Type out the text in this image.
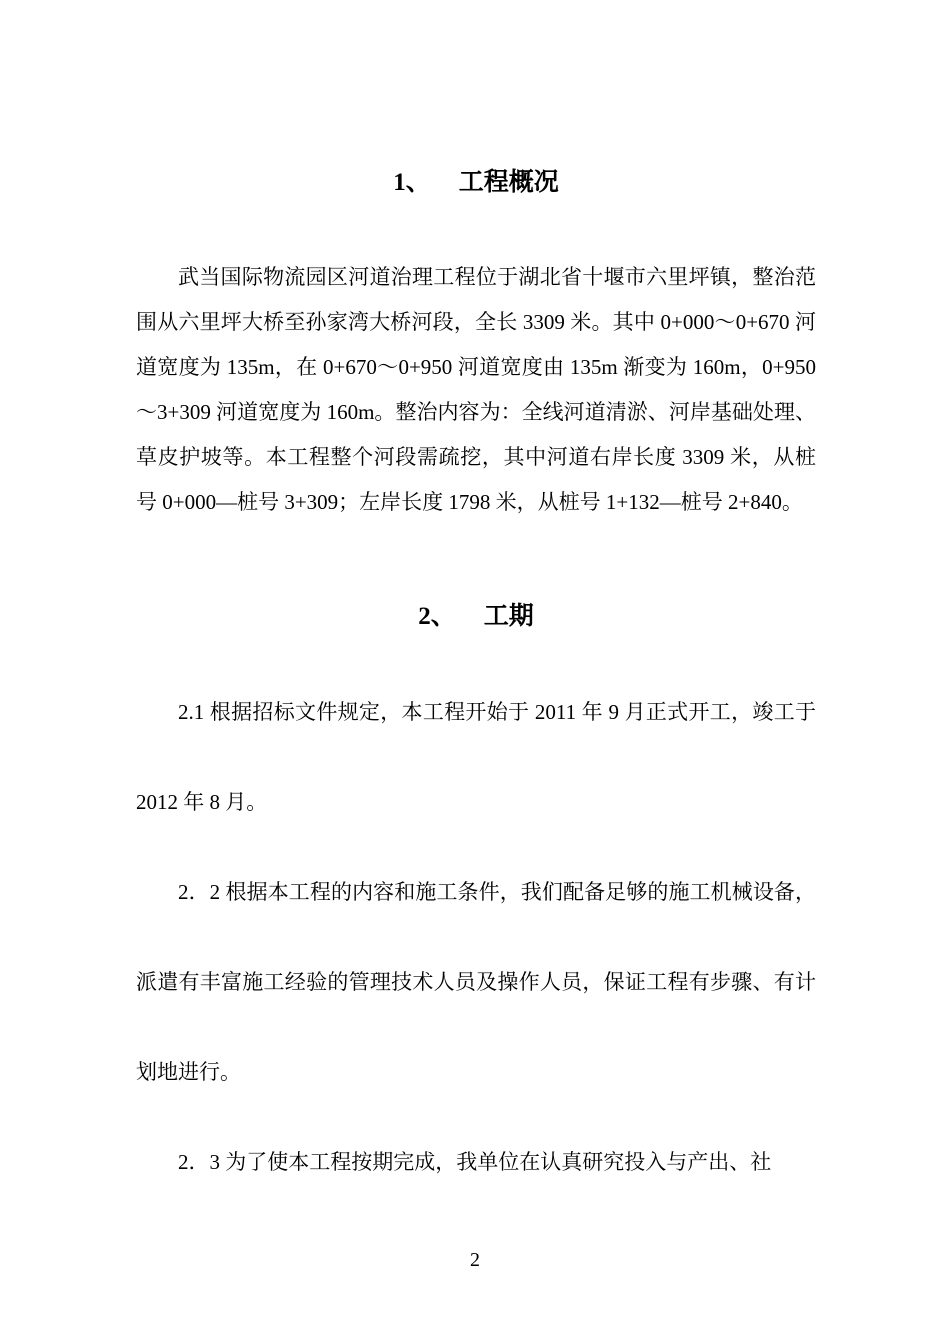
1、 工程概况

武当国际物流园区河道治理工程位于湖北省十堰市六里坪镇，整治范围从六里坪大桥至孙家湾大桥河段，全长 3309 米。其中 0+000～0+670 河道宽度为 135m，在 0+670～0+950 河道宽度由 135m 渐变为 160m，0+950～3+309 河道宽度为 160m。整治内容为：全线河道清淤、河岸基础处理、草皮护坡等。本工程整个河段需疏挖，其中河道右岸长度 3309 米，从桩号 0+000—桩号 3+309；左岸长度 1798 米，从桩号 1+132—桩号 2+840。

2、 工期

2.1 根据招标文件规定，本工程开始于 2011 年 9 月正式开工，竣工于 2012 年 8 月。

2．2 根据本工程的内容和施工条件，我们配备足够的施工机械设备，派遣有丰富施工经验的管理技术人员及操作人员，保证工程有步骤、有计划地进行。

2．3 为了使本工程按期完成，我单位在认真研究投入与产出、社

2
